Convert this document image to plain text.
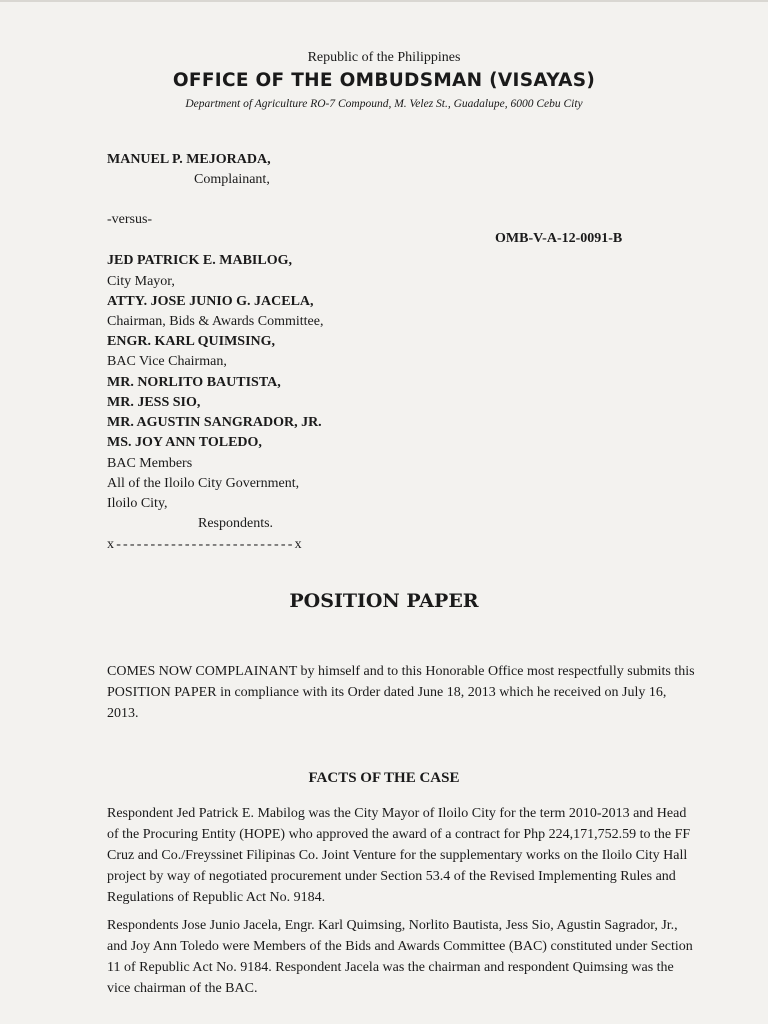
Republic of the Philippines
OFFICE OF THE OMBUDSMAN (VISAYAS)
Department of Agriculture RO-7 Compound, M. Velez St., Guadalupe, 6000 Cebu City
MANUEL P. MEJORADA,
Complainant,
-versus-
OMB-V-A-12-0091-B
JED PATRICK E. MABILOG,
City Mayor,
ATTY. JOSE JUNIO G. JACELA,
Chairman, Bids & Awards Committee,
ENGR. KARL QUIMSING,
BAC Vice Chairman,
MR. NORLITO BAUTISTA,
MR. JESS SIO,
MR. AGUSTIN SANGRADOR, JR.
MS. JOY ANN TOLEDO,
BAC Members
All of the Iloilo City Government,
Iloilo City,
Respondents.
x--------------------------x
POSITION PAPER

COMES NOW COMPLAINANT by himself and to this Honorable Office most respectfully submits this POSITION PAPER in compliance with its Order dated June 18, 2013 which he received on July 16, 2013.

FACTS OF THE CASE

Respondent Jed Patrick E. Mabilog was the City Mayor of Iloilo City for the term 2010-2013 and Head of the Procuring Entity (HOPE) who approved the award of a contract for Php 224,171,752.59 to the FF Cruz and Co./Freyssinet Filipinas Co. Joint Venture for the supplementary works on the Iloilo City Hall project by way of negotiated procurement under Section 53.4 of the Revised Implementing Rules and Regulations of Republic Act No. 9184.

Respondents Jose Junio Jacela, Engr. Karl Quimsing, Norlito Bautista, Jess Sio, Agustin Sagrador, Jr., and Joy Ann Toledo were Members of the Bids and Awards Committee (BAC) constituted under Section 11 of Republic Act No. 9184. Respondent Jacela was the chairman and respondent Quimsing was the vice chairman of the BAC.
